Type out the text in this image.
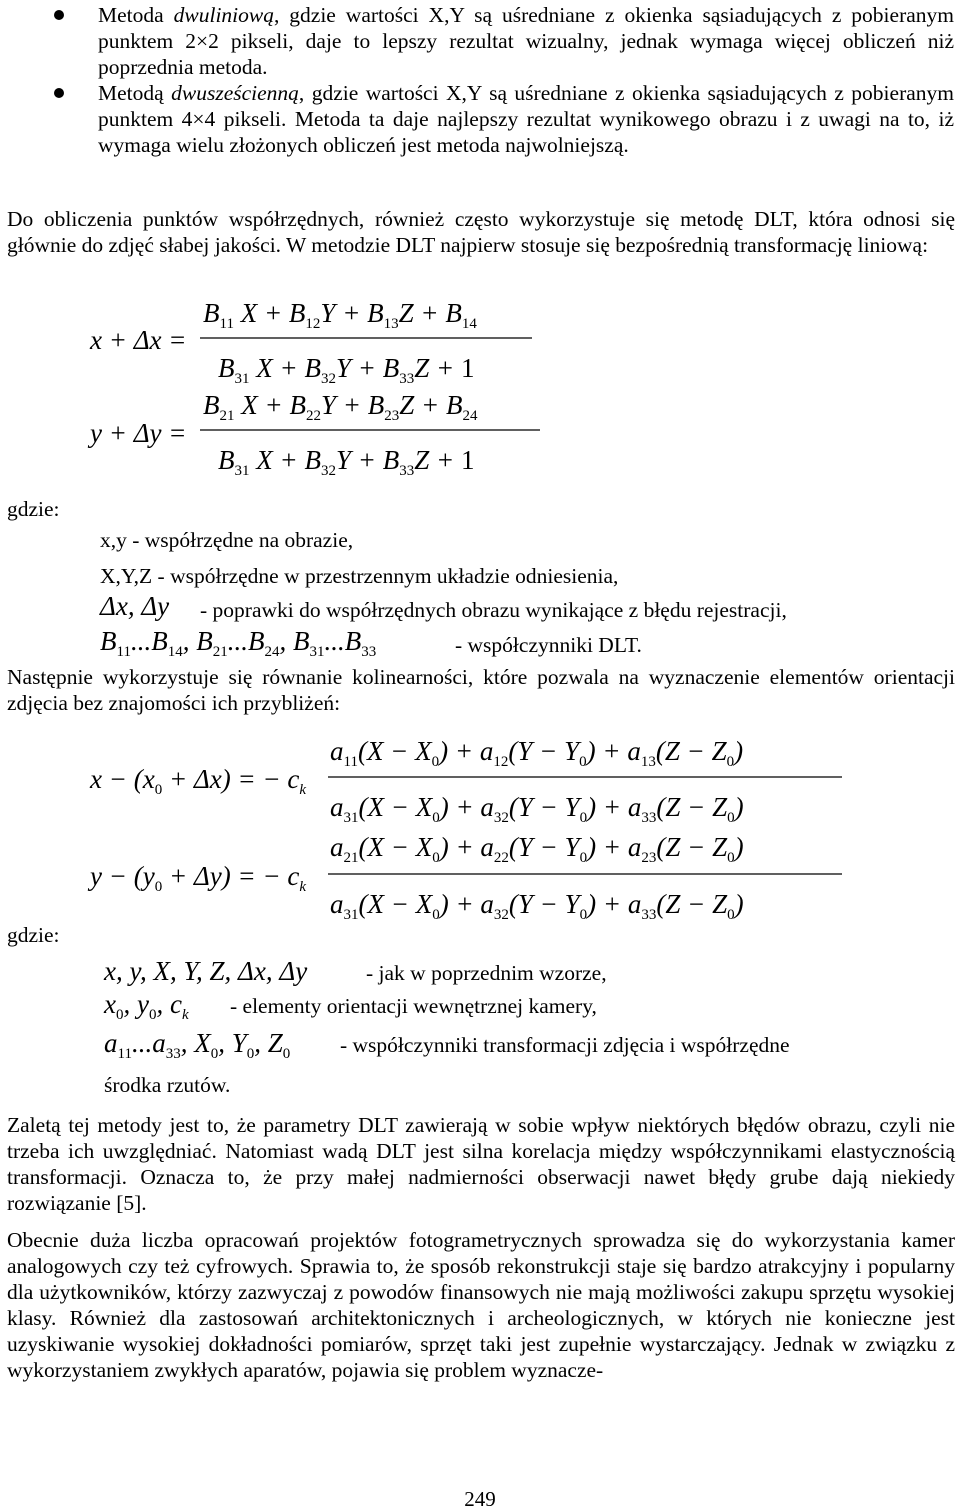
Metoda dwuliniową, gdzie wartości X,Y są uśredniane z okienka sąsiadujących z pobieranym punktem 2×2 pikseli, daje to lepszy rezultat wizualny, jednak wymaga więcej obliczeń niż poprzednia metoda.
Metodą dwusześcienną, gdzie wartości X,Y są uśredniane z okienka sąsiadujących z pobieranym punktem 4×4 pikseli. Metoda ta daje najlepszy rezultat wynikowego obrazu i z uwagi na to, iż wymaga wielu złożonych obliczeń jest metoda najwolniejszą.

Do obliczenia punktów współrzędnych, również często wykorzystuje się metodę DLT, która odnosi się głównie do zdjęć słabej jakości. W metodzie DLT najpierw stosuje się bezpośrednią transformację liniową:

x + Δx =
$B_{11}$ $X + B_{12}Y + B_{13}Z + B_{14}$
$B_{31}$ $X + B_{32}Y + B_{33}Z + 1$
y + Δy =
$B_{21}$ $X + B_{22}Y + B_{23}Z + B_{24}$
$B_{31}$ $X + B_{32}Y + B_{33}Z + 1$
gdzie:
x,y - współrzędne na obrazie,
X,Y,Z - współrzędne w przestrzennym układzie odniesienia,
Δx, Δy - poprawki do współrzędnych obrazu wynikające z błędu rejestracji,
$B_{11}...B_{14}$, $B_{21}...B_{24}$, $B_{31}...B_{33}$	- współczynniki DLT.

Następnie wykorzystuje się równanie kolinearności, które pozwala na wyznaczenie elementów orientacji zdjęcia bez znajomości ich przybliżeń:

$x - (x_0 + \Delta x)$ = − $c_k$
$a_{11}(X - X_0) + a_{12}(Y - Y_0) + a_{13}(Z - Z_0)$
$a_{31}(X - X_0) + a_{32}(Y - Y_0) + a_{33}(Z - Z_0)$
$y - (y_0 + \Delta y)$ = − $c_k$
$a_{21}(X - X_0) + a_{22}(Y - Y_0) + a_{23}(Z - Z_0)$
$a_{31}(X - X_0) + a_{32}(Y - Y_0) + a_{33}(Z - Z_0)$
gdzie:
x, y, X, Y, Z, Δx, Δy	- jak w poprzednim wzorze,
$x_0$, $y_0$, $c_k$ - elementy orientacji wewnętrznej kamery,
$a_{11}...a_{33}$, $X_0$, $Y_0$, $Z_0$ - współczynniki transformacji zdjęcia i współrzędne
środka rzutów.

Zaletą tej metody jest to, że parametry DLT zawierają w sobie wpływ niektórych błędów obrazu, czyli nie trzeba ich uwzględniać. Natomiast wadą DLT jest silna korelacja między współczynnikami elastycznością transformacji. Oznacza to, że przy małej nadmierności obserwacji nawet błędy grube dają niekiedy rozwiązanie [5].

Obecnie duża liczba opracowań projektów fotogrametrycznych sprowadza się do wykorzystania kamer analogowych czy też cyfrowych. Sprawia to, że sposób rekonstrukcji staje się bardzo atrakcyjny i popularny dla użytkowników, którzy zazwyczaj z powodów finansowych nie mają możliwości zakupu sprzętu wysokiej klasy. Również dla zastosowań architektonicznych i archeologicznych, w których nie konieczne jest uzyskiwanie wysokiej dokładności pomiarów, sprzęt taki jest zupełnie wystarczający. Jednak w związku z wykorzystaniem zwykłych aparatów, pojawia się problem wyznacze-

249
